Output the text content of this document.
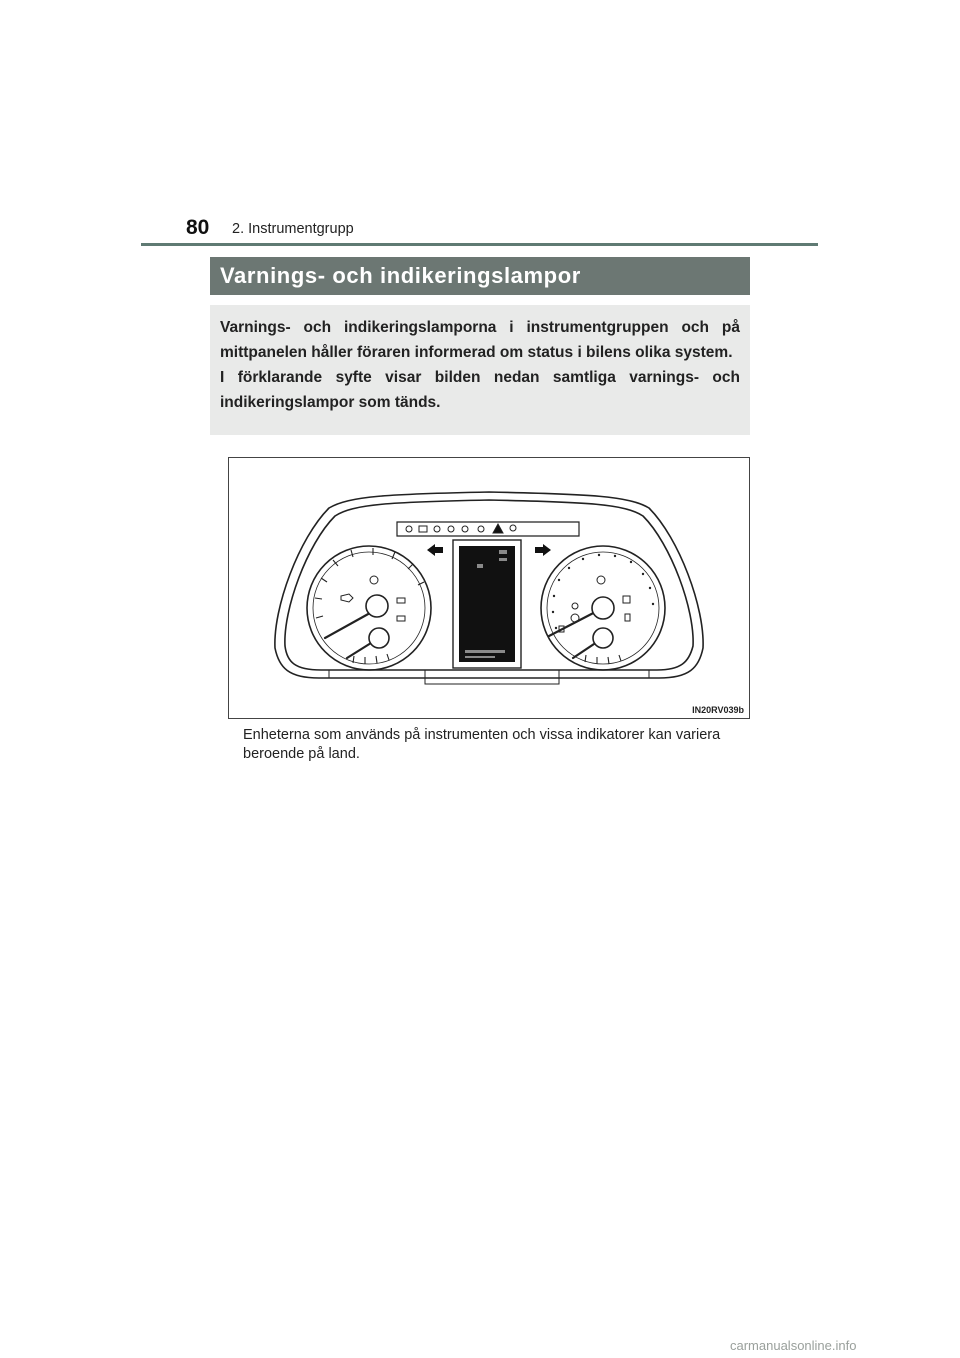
80 2. Instrumentgrupp
Varnings- och indikeringslampor

Varnings- och indikeringslamporna i instrumentgruppen och på mittpanelen håller föraren informerad om status i bilens olika system.

I förklarande syfte visar bilden nedan samtliga varnings- och indikeringslampor som tänds.

IN20RV039b
Enheterna som används på instrumenten och vissa indikatorer kan variera beroende på land.
carmanualsonline.info
